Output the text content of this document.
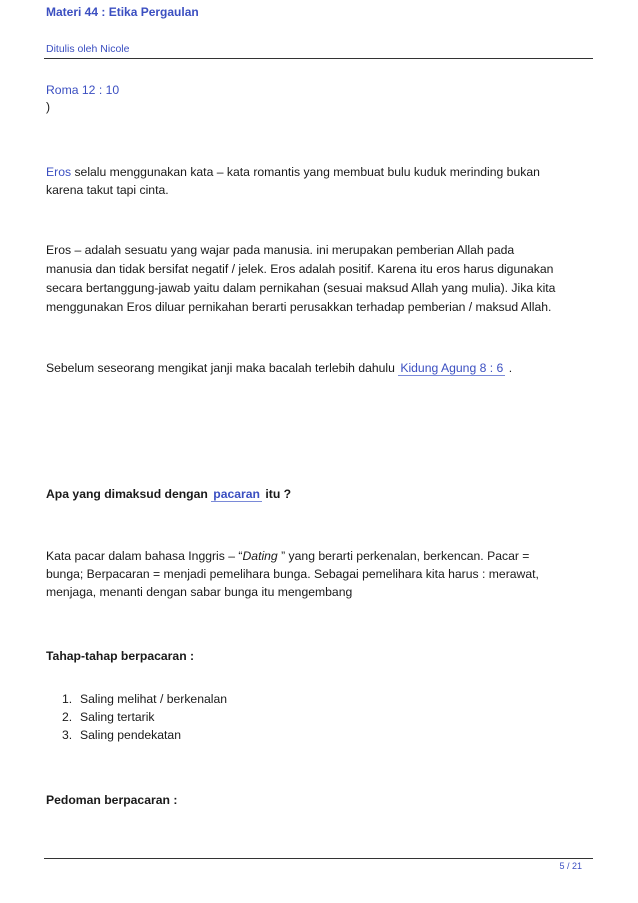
Materi 44 : Etika Pergaulan
Ditulis oleh Nicole
Roma 12 : 10
)
Eros selalu menggunakan kata – kata romantis yang membuat bulu kuduk merinding bukan
karena takut tapi cinta.
Eros – adalah sesuatu yang wajar pada manusia. ini merupakan pemberian Allah pada
manusia dan tidak bersifat negatif / jelek. Eros adalah positif. Karena itu eros harus digunakan
secara bertanggung-jawab yaitu dalam pernikahan (sesuai maksud Allah yang mulia). Jika kita
menggunakan Eros diluar pernikahan berarti perusakkan terhadap pemberian / maksud Allah.
Sebelum seseorang mengikat janji maka bacalah terlebih dahulu Kidung Agung 8 : 6 .
Apa yang dimaksud dengan pacaran itu ?
Kata pacar dalam bahasa Inggris – “Dating ” yang berarti perkenalan, berkencan. Pacar =
bunga; Berpacaran = menjadi pemelihara bunga. Sebagai pemelihara kita harus : merawat,
menjaga, menanti dengan sabar bunga itu mengembang
Tahap-tahap berpacaran :
1. Saling melihat / berkenalan
2. Saling tertarik
3. Saling pendekatan
Pedoman berpacaran :
5 / 21
